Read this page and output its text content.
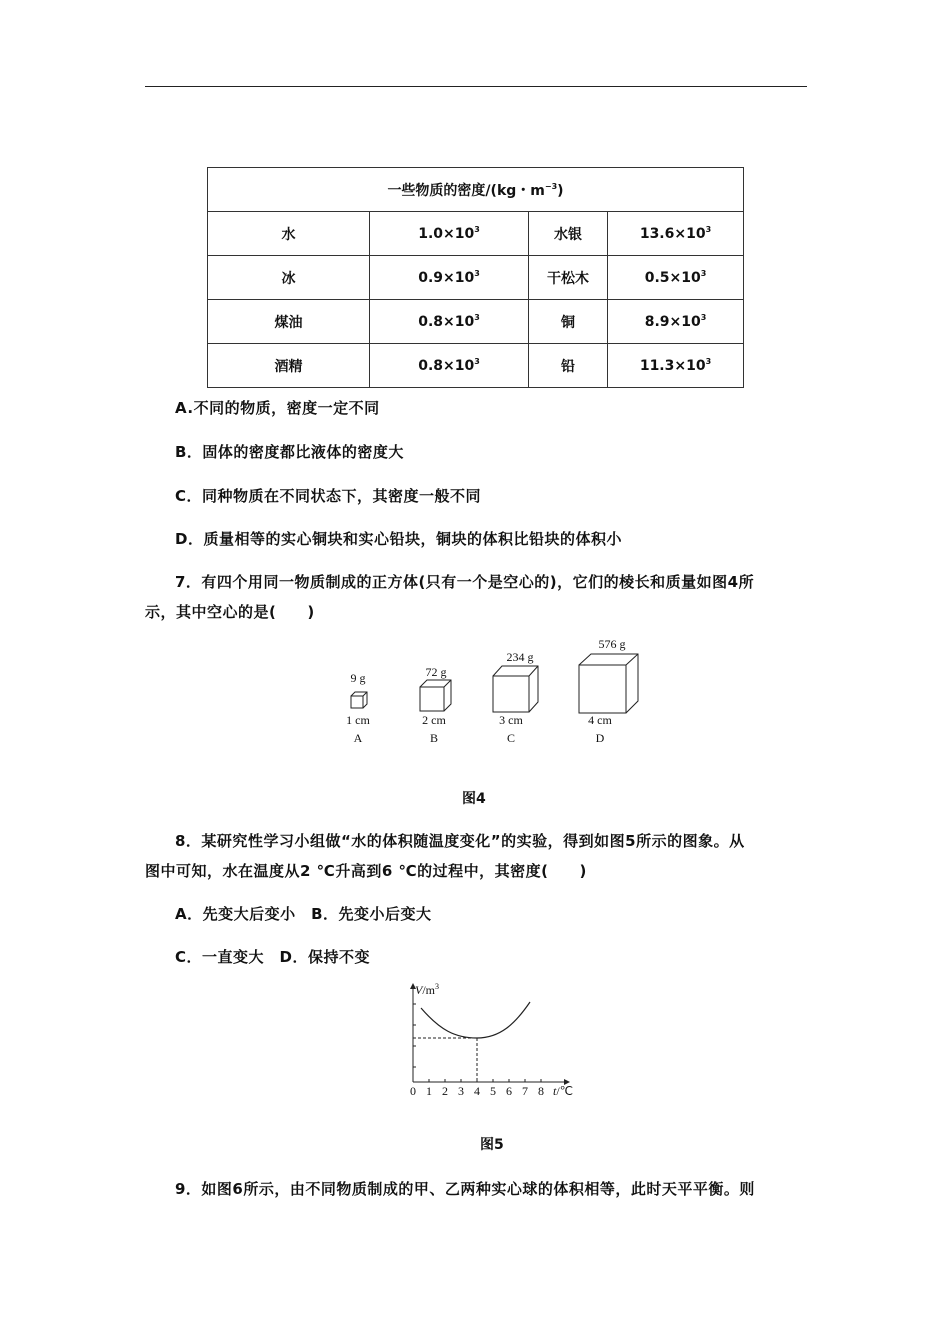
一些物质的密度/(kg・$m^{-3}$)			
水	$1.0\times 10^3$	水银	$13.6\times 10^3$
冰	$0.9\times 10^3$	干松木	$0.5\times 10^3$
煤油	$0.8\times 10^3$	铜	$8.9\times 10^3$
酒精	$0.8\times 10^3$	铅	$11.3\times 10^3$
A.不同的物质，密度一定不同
B．固体的密度都比液体的密度大
C．同种物质在不同状态下，其密度一般不同
D．质量相等的实心铜块和实心铅块，铜块的体积比铅块的体积小
7．有四个用同一物质制成的正方体(只有一个是空心的)，它们的棱长和质量如图4所
示，其中空心的是(　　)
9 g
1 cm
A
72 g
2 cm
B
234 g
3 cm
C
576 g
4 cm
D
图4
8．某研究性学习小组做“水的体积随温度变化”的实验，得到如图5所示的图象。从
图中可知，水在温度从2 ℃升高到6 ℃的过程中，其密度(　　)
A．先变大后变小　B．先变小后变大
C．一直变大　D．保持不变
$V/m^3$
0 1 2 3 4 5 6 7 8 t/℃
图5
9．如图6所示，由不同物质制成的甲、乙两种实心球的体积相等，此时天平平衡。则
